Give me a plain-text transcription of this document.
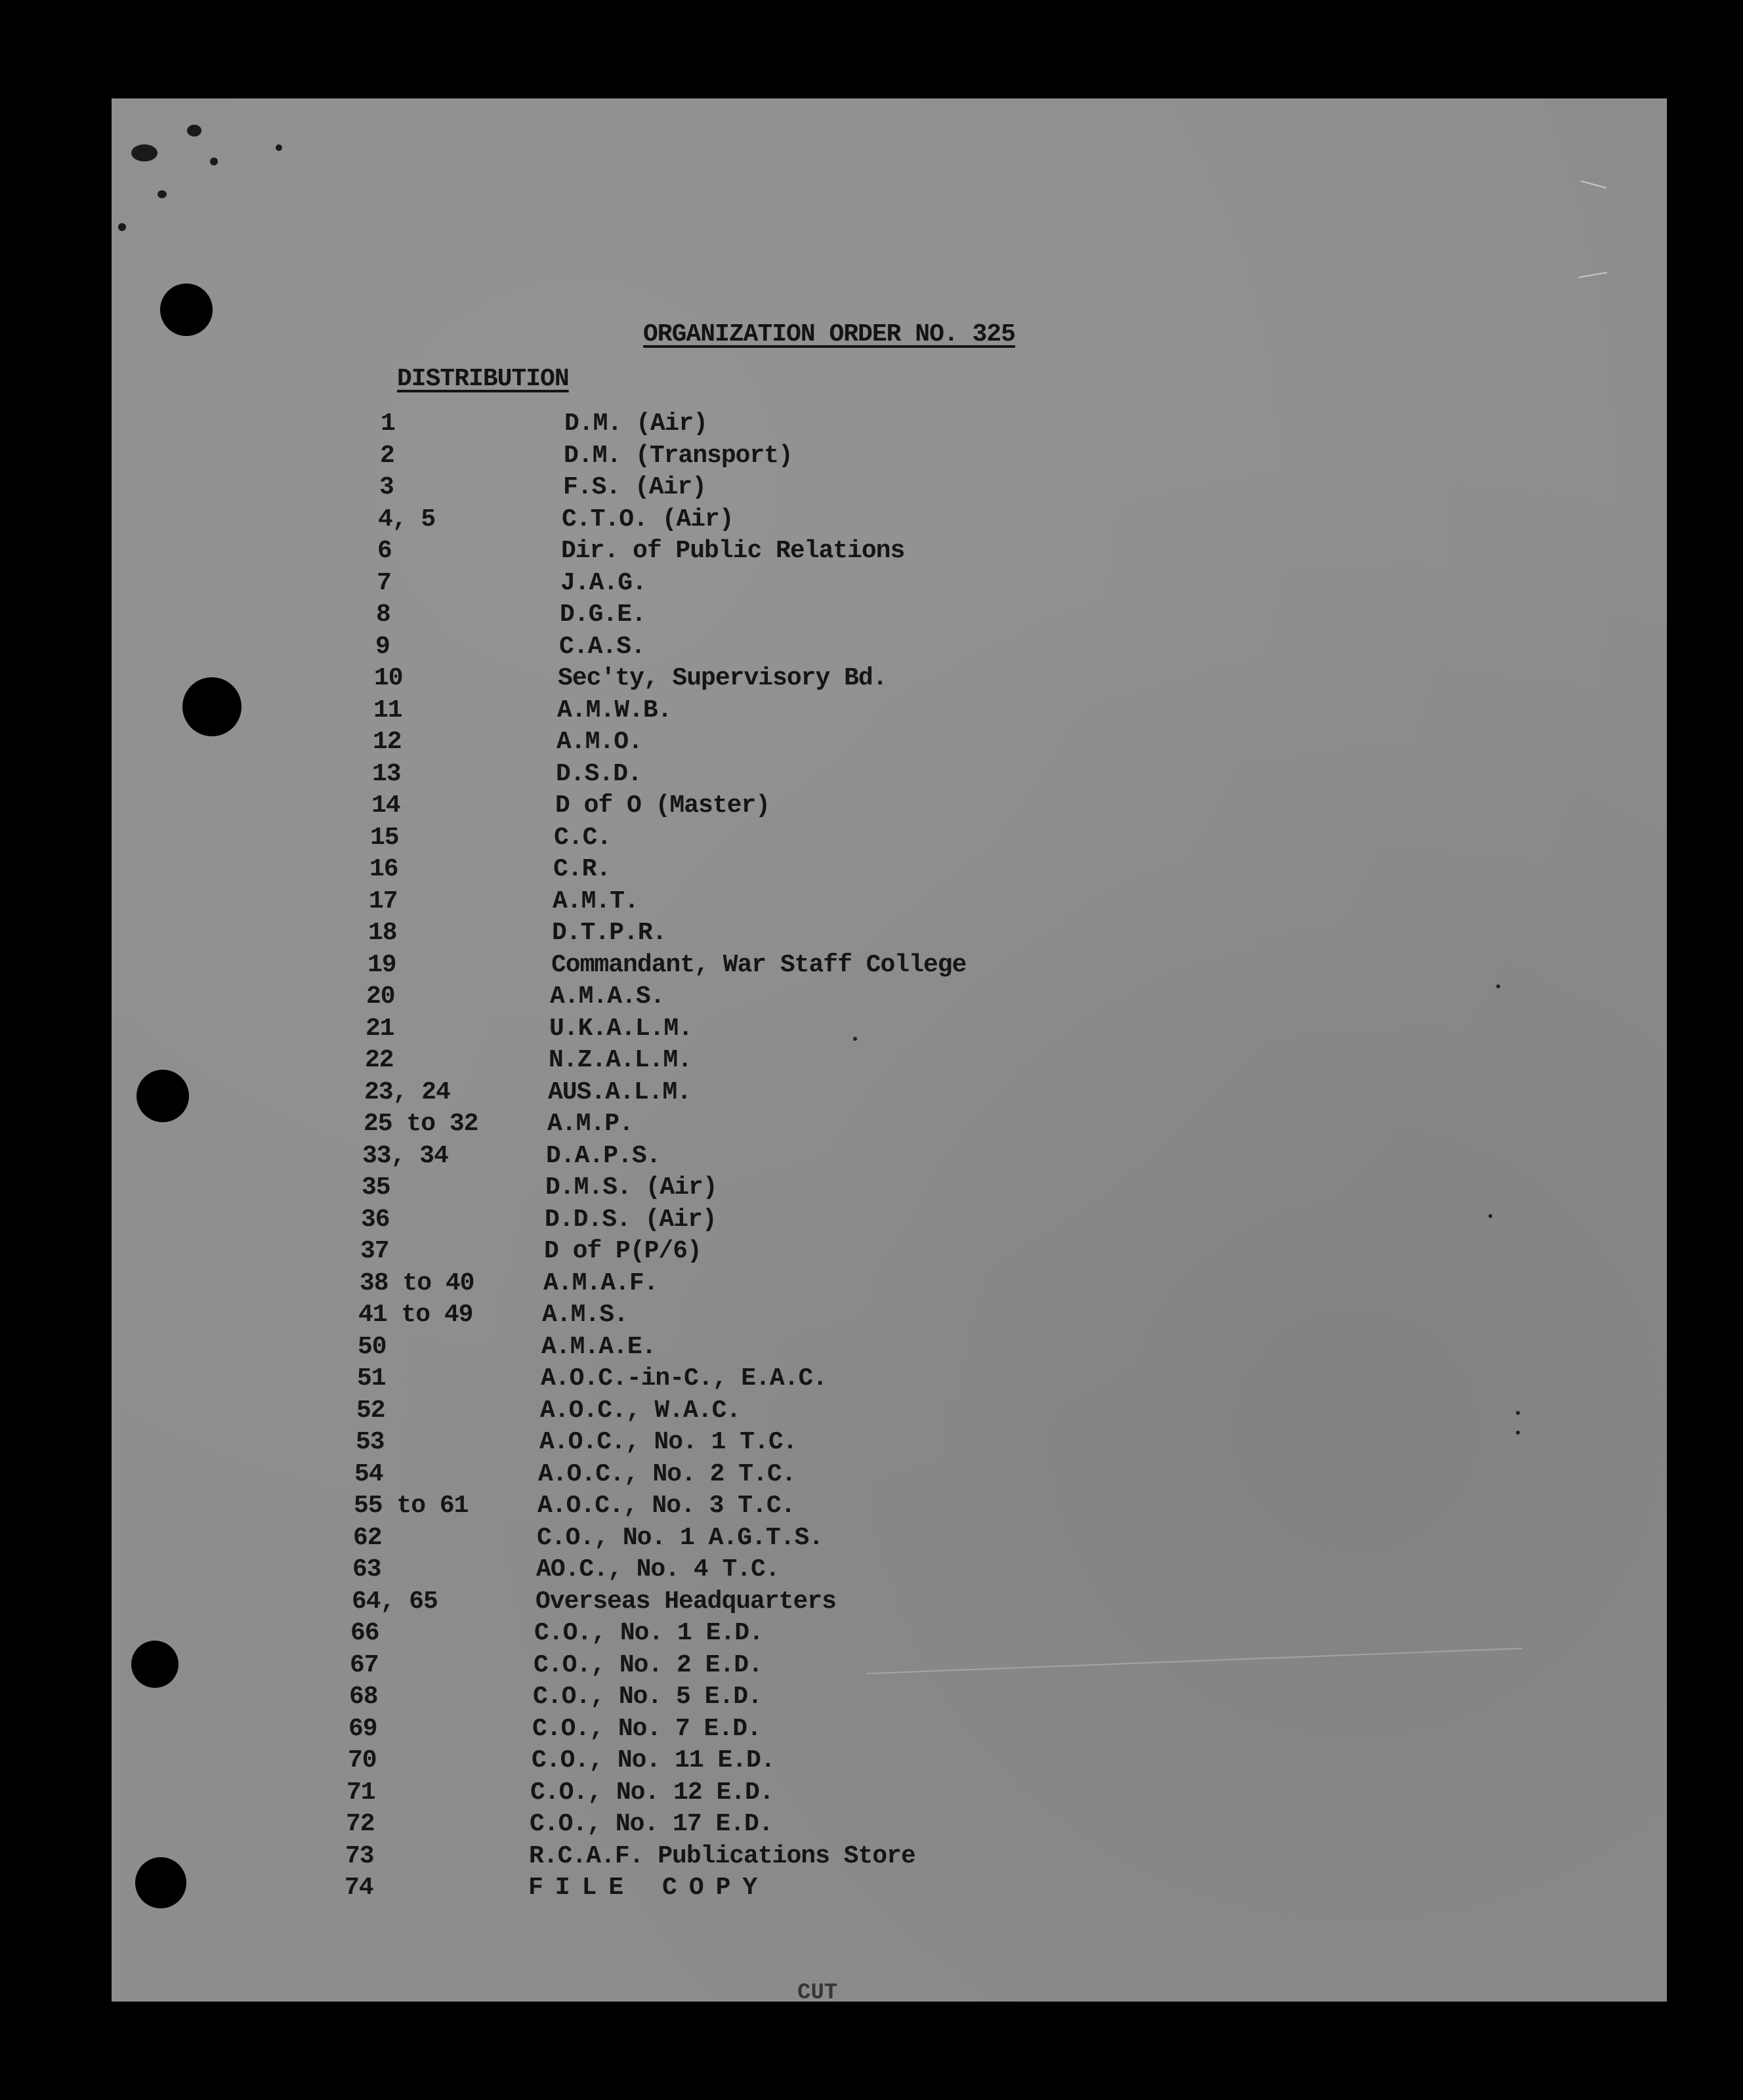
ORGANIZATION ORDER NO. 325
DISTRIBUTION
1	D.M. (Air)
2	D.M. (Transport)
3	F.S. (Air)
4, 5	C.T.O. (Air)
6	Dir. of Public Relations
7	J.A.G.
8	D.G.E.
9	C.A.S.
10	Sec'ty, Supervisory Bd.
11	A.M.W.B.
12	A.M.O.
13	D.S.D.
14	D of O (Master)
15	C.C.
16	C.R.
17	A.M.T.
18	D.T.P.R.
19	Commandant, War Staff College
20	A.M.A.S.
21	U.K.A.L.M.
22	N.Z.A.L.M.
23, 24	AUS.A.L.M.
25 to 32	A.M.P.
33, 34	D.A.P.S.
35	D.M.S. (Air)
36	D.D.S. (Air)
37	D of P(P/6)
38 to 40	A.M.A.F.
41 to 49	A.M.S.
50	A.M.A.E.
51	A.O.C.-in-C., E.A.C.
52	A.O.C., W.A.C.
53	A.O.C., No. 1 T.C.
54	A.O.C., No. 2 T.C.
55 to 61	A.O.C., No. 3 T.C.
62	C.O., No. 1 A.G.T.S.
63	AO.C., No. 4 T.C.
64, 65	Overseas Headquarters
66	C.O., No. 1 E.D.
67	C.O., No. 2 E.D.
68	C.O., No. 5 E.D.
69	C.O., No. 7 E.D.
70	C.O., No. 11 E.D.
71	C.O., No. 12 E.D.
72	C.O., No. 17 E.D.
73	R.C.A.F. Publications Store
74	FILE COPY
CUT
